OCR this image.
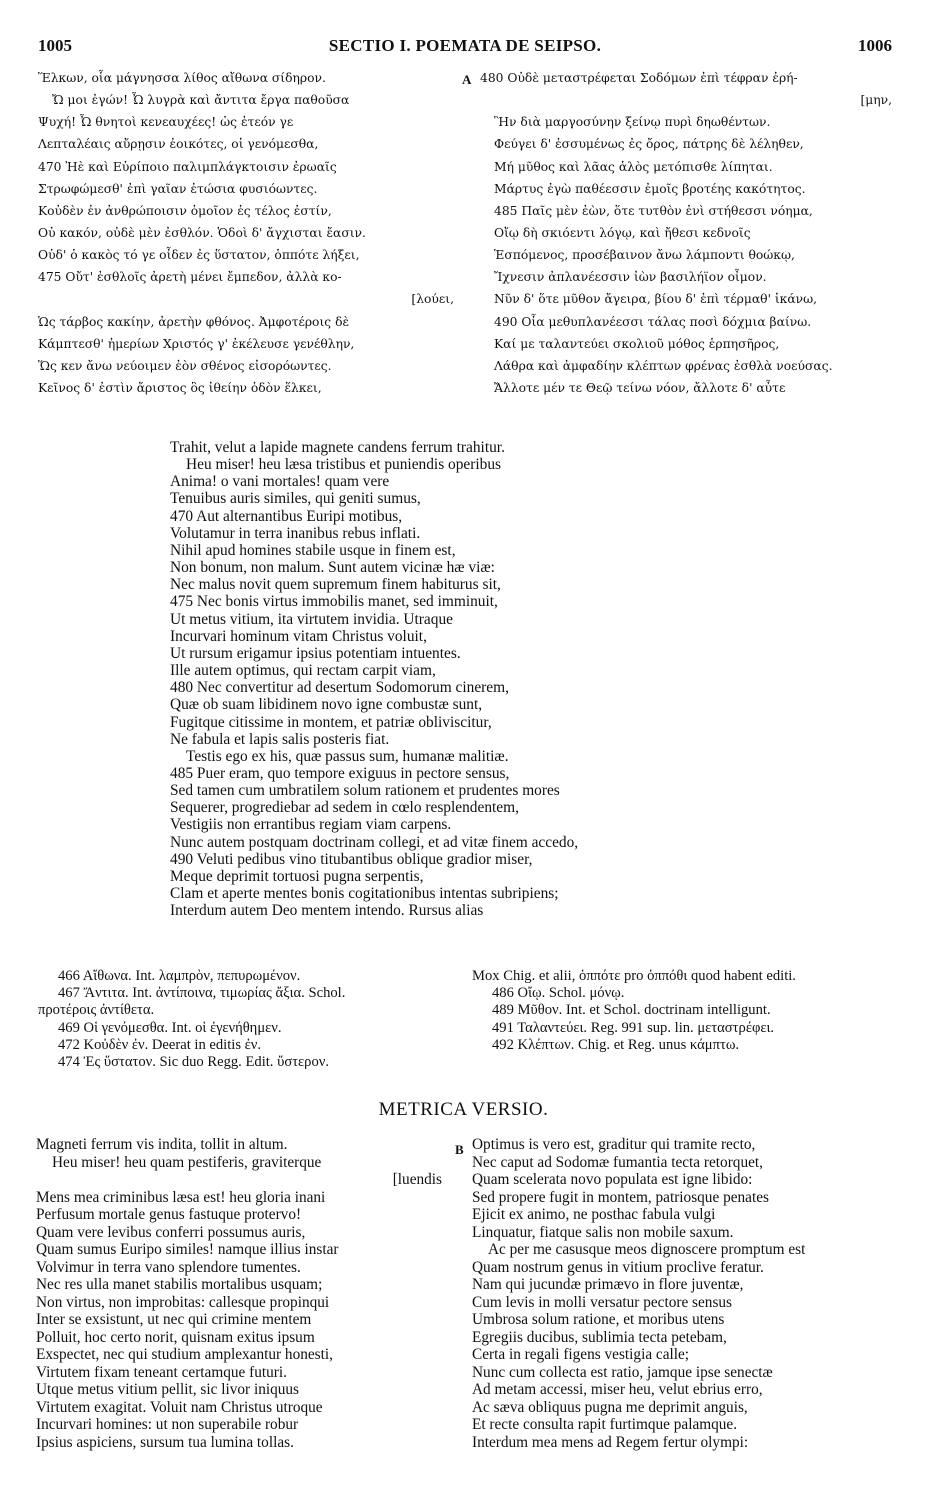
1005	SECTIO I. POEMATA DE SEIPSO.	1006
A
B
Ἕλκων, οἷα μάγνησσα λίθος αἴθωνα σίδηρον.
Ὤ μοι ἐγών! Ὦ λυγρὰ καὶ ἄντιτα ἔργα παθοῦσα
Ψυχή! Ὦ θνητοὶ κενεαυχέες! ὡς ἐτεόν γε
Λεπταλέαις αὔρῃσιν ἐοικότες, οἱ γενόμεσθα,
470 Ἠὲ καὶ Εὐρίποιο παλιμπλάγκτοισιν ἐρωαῖς
Στρωφώμεσθ' ἐπὶ γαῖαν ἐτώσια φυσιόωντες.
Κοὐδὲν ἐν ἀνθρώποισιν ὁμοῖον ἐς τέλος ἐστίν,
Οὐ κακόν, οὐδὲ μὲν ἐσθλόν. Ὁδοὶ δ' ἄγχισται ἔασιν.
Οὐδ' ὁ κακὸς τό γε οἶδεν ἐς ὕστατον, ὁππότε λήξει,
475 Οὔτ' ἐσθλοῖς ἀρετὴ μένει ἔμπεδον, ἀλλὰ κο-
[λούει,
Ὡς τάρβος κακίην, ἀρετὴν φθόνος. Ἀμφοτέροις δὲ
Κάμπτεσθ' ἡμερίων Χριστός γ' ἐκέλευσε γενέθλην,
Ὥς κεν ἄνω νεύοιμεν ἑὸν σθένος εἰσορόωντες.
Κεῖνος δ' ἐστὶν ἄριστος ὃς ἰθείην ὁδὸν ἕλκει,
480 Οὐδὲ μεταστρέφεται Σοδόμων ἐπὶ τέφραν ἐρή-
[μην,
Ἣν διὰ μαργοσύνην ξείνῳ πυρὶ δηωθέντων.
Φεύγει δ' ἐσσυμένως ἐς ὄρος, πάτρης δὲ λέληθεν,
Μή μῦθος καὶ λᾶας ἁλὸς μετόπισθε λίπηται.
Μάρτυς ἐγὼ παθέεσσιν ἐμοῖς βροτέης κακότητος.
485 Παῖς μὲν ἐὼν, ὅτε τυτθὸν ἐνὶ στήθεσσι νόημα,
Οἴῳ δὴ σκιόεντι λόγῳ, καὶ ἤθεσι κεδνοῖς
Ἑσπόμενος, προσέβαινον ἄνω λάμποντι θοώκῳ,
Ἴχνεσιν ἀπλανέεσσιν ἰὼν βασιλήϊον οἶμον.
Νῦν δ' ὅτε μῦθον ἄγειρα, βίου δ' ἐπὶ τέρμαθ' ἱκάνω,
490 Οἷα μεθυπλανέεσσι τάλας ποσὶ δόχμια βαίνω.
Καί με ταλαντεύει σκολιοῦ μόθος ἑρπησῆρος,
Λάθρα καὶ ἀμφαδίην κλέπτων φρένας ἐσθλὰ νοεύσας.
Ἄλλοτε μέν τε Θεῷ τείνω νόον, ἄλλοτε δ' αὖτε
Trahit, velut a lapide magnete candens ferrum trahitur.
Heu miser! heu læsa tristibus et puniendis operibus
Anima! o vani mortales! quam vere
Tenuibus auris similes, qui geniti sumus,
470 Aut alternantibus Euripi motibus,
Volutamur in terra inanibus rebus inflati.
Nihil apud homines stabile usque in finem est,
Non bonum, non malum. Sunt autem vicinæ hæ viæ:
Nec malus novit quem supremum finem habiturus sit,
475 Nec bonis virtus immobilis manet, sed imminuit,
Ut metus vitium, ita virtutem invidia. Utraque
Incurvari hominum vitam Christus voluit,
Ut rursum erigamur ipsius potentiam intuentes.
Ille autem optimus, qui rectam carpit viam,
480 Nec convertitur ad desertum Sodomorum cinerem,
Quæ ob suam libidinem novo igne combustæ sunt,
Fugitque citissime in montem, et patriæ obliviscitur,
Ne fabula et lapis salis posteris fiat.
Testis ego ex his, quæ passus sum, humanæ malitiæ.
485 Puer eram, quo tempore exiguus in pectore sensus,
Sed tamen cum umbratilem solum rationem et prudentes mores
Sequerer, progrediebar ad sedem in cœlo resplendentem,
Vestigiis non errantibus regiam viam carpens.
Nunc autem postquam doctrinam collegi, et ad vitæ finem accedo,
490 Veluti pedibus vino titubantibus oblique gradior miser,
Meque deprimit tortuosi pugna serpentis,
Clam et aperte mentes bonis cogitationibus intentas subripiens;
Interdum autem Deo mentem intendo. Rursus alias
466 Αἴθωνα. Int. λαμπρὸν, πεπυρωμένον.
467 Ἄντιτα. Int. ἀντίποινα, τιμωρίας ἄξια. Schol.
προτέροις ἀντίθετα.
469 Οἱ γενόμεσθα. Int. οἱ ἐγενήθημεν.
472 Κοὐδὲν ἐν. Deerat in editis ἐν.
474 Ἐς ὕστατον. Sic duo Regg. Edit. ὕστερον.
Mox Chig. et alii, ὁππότε pro ὁππόθι quod habent editi.
486 Οἴῳ. Schol. μόνῳ.
489 Μῦθον. Int. et Schol. doctrinam intelligunt.
491 Ταλαντεύει. Reg. 991 sup. lin. μεταστρέφει.
492 Κλέπτων. Chig. et Reg. unus κάμπτω.
METRICA VERSIO.
Magneti ferrum vis indita, tollit in altum.
Heu miser! heu quam pestiferis, graviterque
[luendis
Mens mea criminibus læsa est! heu gloria inani
Perfusum mortale genus fastuque protervo!
Quam vere levibus conferri possumus auris,
Quam sumus Euripo similes! namque illius instar
Volvimur in terra vano splendore tumentes.
Nec res ulla manet stabilis mortalibus usquam;
Non virtus, non improbitas: callesque propinqui
Inter se exsistunt, ut nec qui crimine mentem
Polluit, hoc certo norit, quisnam exitus ipsum
Exspectet, nec qui studium amplexantur honesti,
Virtutem fixam teneant certamque futuri.
Utque metus vitium pellit, sic livor iniquus
Virtutem exagitat. Voluit nam Christus utroque
Incurvari homines: ut non superabile robur
Ipsius aspiciens, sursum tua lumina tollas.
Optimus is vero est, graditur qui tramite recto,
Nec caput ad Sodomæ fumantia tecta retorquet,
Quam scelerata novo populata est igne libido:
Sed propere fugit in montem, patriosque penates
Ejicit ex animo, ne posthac fabula vulgi
Linquatur, fiatque salis non mobile saxum.
Ac per me casusque meos dignoscere promptum est
Quam nostrum genus in vitium proclive feratur.
Nam qui jucundæ primævo in flore juventæ,
Cum levis in molli versatur pectore sensus
Umbrosa solum ratione, et moribus utens
Egregiis ducibus, sublimia tecta petebam,
Certa in regali figens vestigia calle;
Nunc cum collecta est ratio, jamque ipse senectæ
Ad metam accessi, miser heu, velut ebrius erro,
Ac sæva obliquus pugna me deprimit anguis,
Et recte consulta rapit furtimque palamque.
Interdum mea mens ad Regem fertur olympi:
